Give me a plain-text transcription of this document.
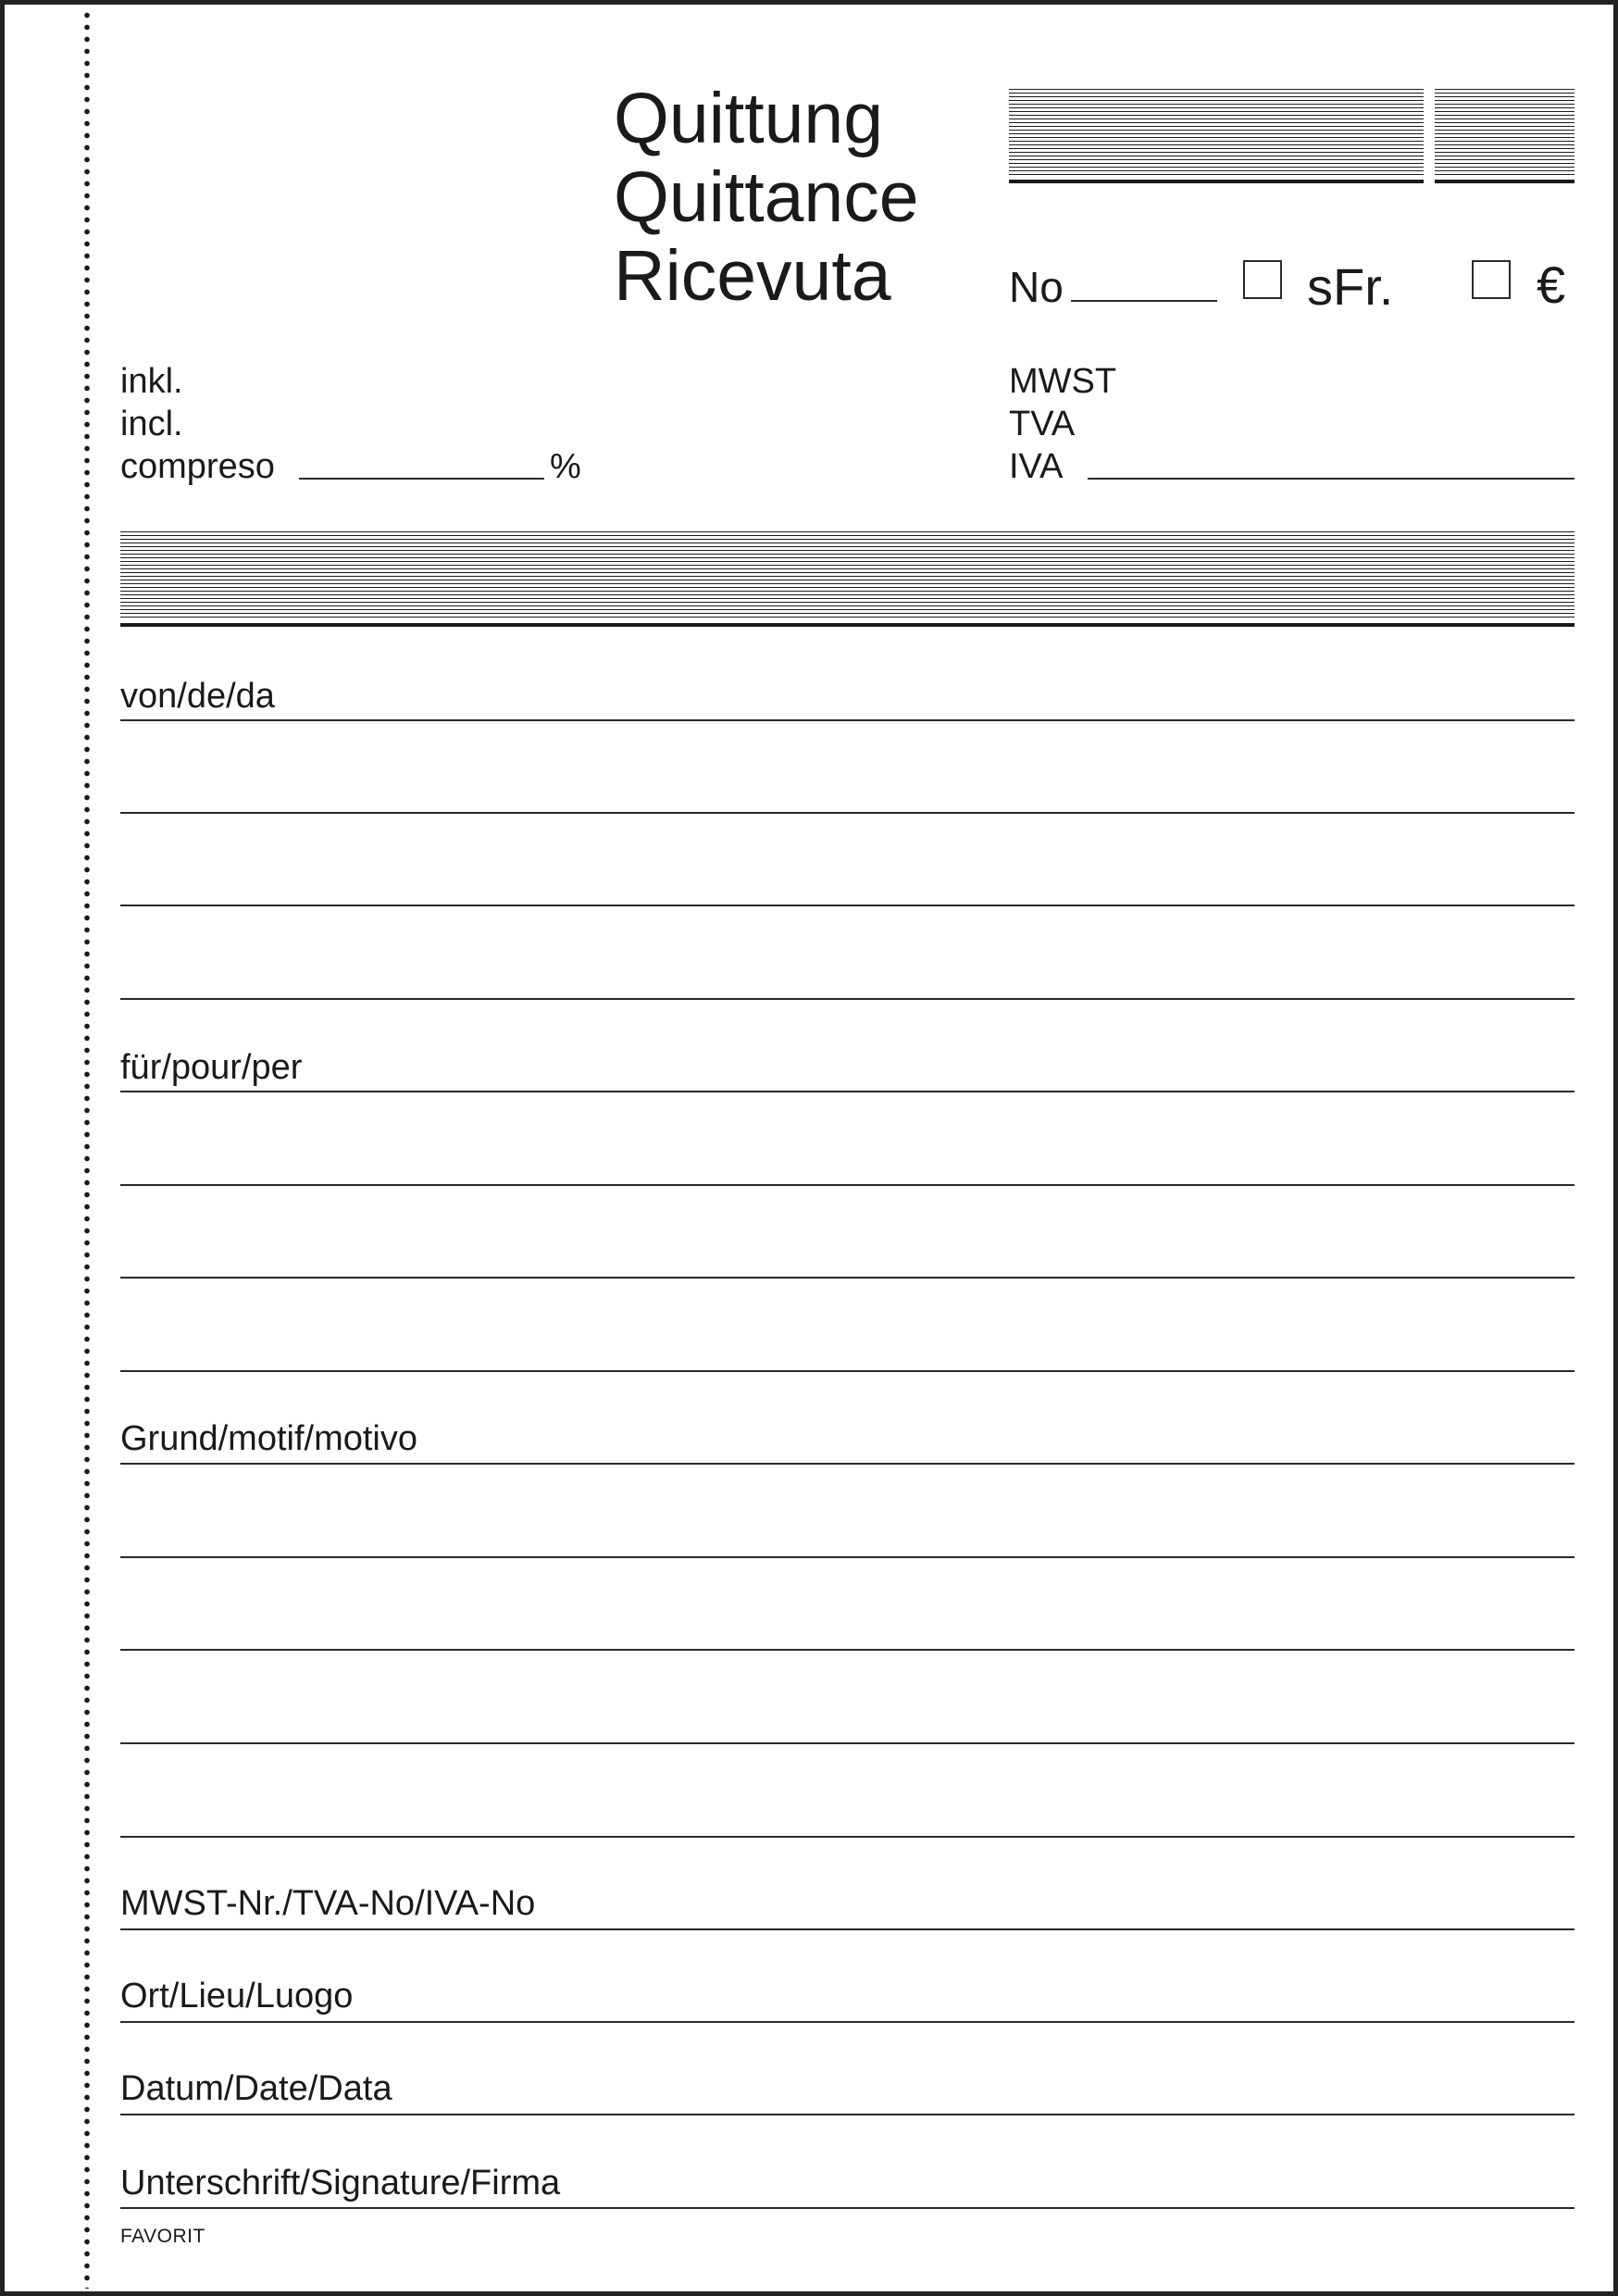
Quittung
Quittance
Ricevuta	No	sFr.	€
inkl.
incl.
compreso	%
MWST
TVA
IVA
von/de/da
für/pour/per
Grund/motif/motivo
MWST-Nr./TVA-No/IVA-No
Ort/Lieu/Luogo
Datum/Date/Data
Unterschrift/Signature/Firma
FAVORIT
